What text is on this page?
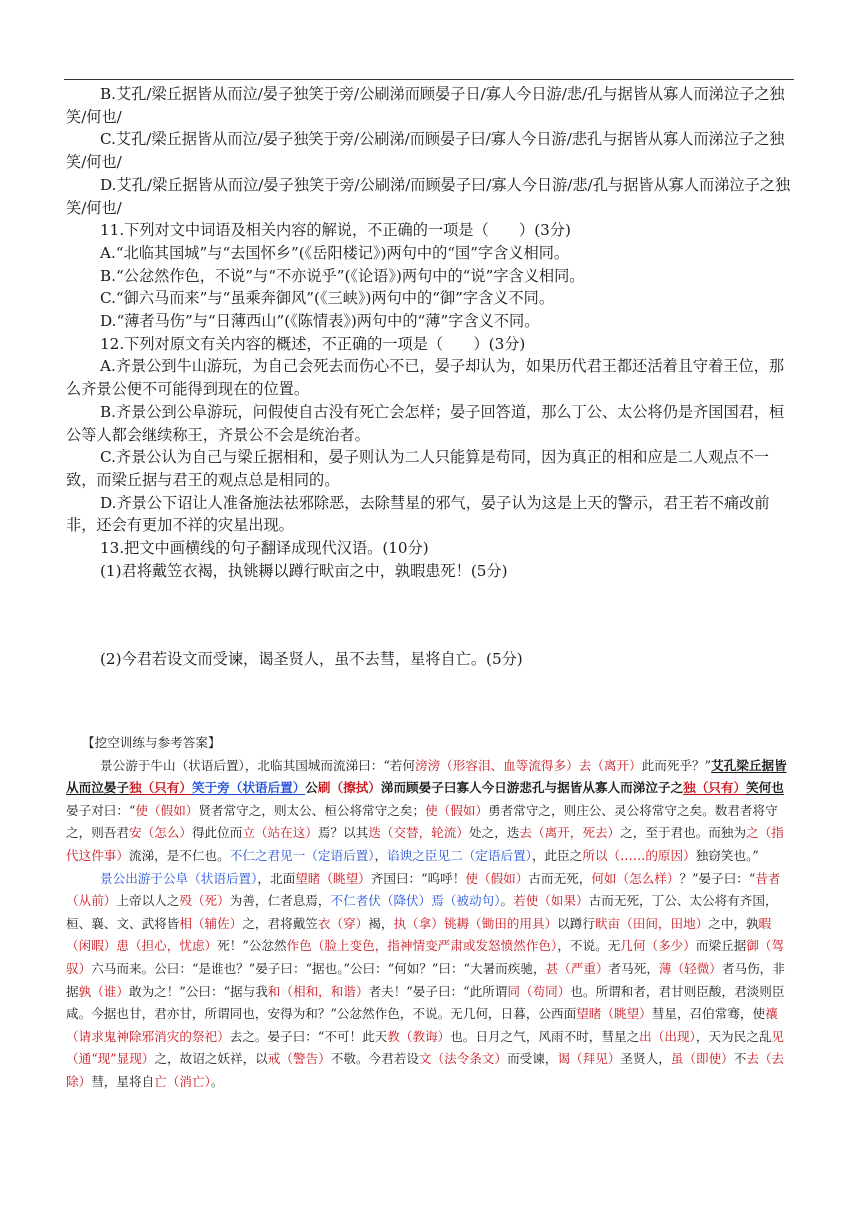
B.艾孔/梁丘据皆从而泣/晏子独笑于旁/公刷涕而顾晏子日/寡人今日游/悲/孔与据皆从寡人而涕泣子之独笑/何也/

C.艾孔/梁丘据皆从而泣/晏子独笑于旁/公刷涕/而顾晏子曰/寡人今日游/悲孔与据皆从寡人而涕泣子之独笑/何也/

D.艾孔/梁丘据皆从而泣/晏子独笑于旁/公刷涕/而顾晏子曰/寡人今日游/悲/孔与据皆从寡人而涕泣子之独笑/何也/

11.下列对文中词语及相关内容的解说，不正确的一项是（　　）(3分)

A.“北临其国城”与“去国怀乡”(《岳阳楼记》)两句中的“国”字含义相同。

B.“公忿然作色，不说”与“不亦说乎”(《论语》)两句中的“说”字含义相同。

C.“御六马而来”与“虽乘奔御风”(《三峡》)两句中的“御”字含义不同。

D.“薄者马伤”与“日薄西山”(《陈情表》)两句中的“薄”字含义不同。

12.下列对原文有关内容的概述，不正确的一项是（　　）(3分)

A.齐景公到牛山游玩，为自己会死去而伤心不已，晏子却认为，如果历代君王都还活着且守着王位，那么齐景公便不可能得到现在的位置。

B.齐景公到公阜游玩，问假使自古没有死亡会怎样；晏子回答道，那么丁公、太公将仍是齐国国君，桓公等人都会继续称王，齐景公不会是统治者。

C.齐景公认为自己与梁丘据相和，晏子则认为二人只能算是苟同，因为真正的相和应是二人观点不一致，而梁丘据与君王的观点总是相同的。

D.齐景公下诏让人准备施法祛邪除恶，去除彗星的邪气，晏子认为这是上天的警示，君王若不痛改前非，还会有更加不祥的灾星出现。

13.把文中画横线的句子翻译成现代汉语。(10分)

(1)君将戴笠衣褐，执铫耨以蹲行畎亩之中，孰暇患死！(5分)

(2)今君若设文而受谏，谒圣贤人，虽不去彗，星将自亡。(5分)

【挖空训练与参考答案】

景公游于牛山（状语后置），北临其国城而流涕曰：“若何滂滂（形容泪、血等流得多）去（离开）此而死乎？”艾孔梁丘据皆从而泣晏子独（只有）笑于旁（状语后置）公刷（擦拭）涕而顾晏子曰寡人今日游悲孔与据皆从寡人而涕泣子之独（只有）笑何也晏子对曰：“使（假如）贤者常守之，则太公、桓公将常守之矣；使（假如）勇者常守之，则庄公、灵公将常守之矣。数君者将守之，则吾君安（怎么）得此位而立（站在这）焉？以其迭（交替，轮流）处之，迭去（离开，死去）之，至于君也。而独为之（指代这件事）流涕，是不仁也。不仁之君见一（定语后置），谄谀之臣见二（定语后置），此臣之所以（……的原因）独窃笑也。”

景公出游于公阜（状语后置），北面望睹（眺望）齐国曰：“呜呼！使（假如）古而无死，何如（怎么样）？”晏子曰：“昔者（从前）上帝以人之殁（死）为善，仁者息焉，不仁者伏（降伏）焉（被动句）。若使（如果）古而无死，丁公、太公将有齐国，桓、襄、文、武将皆相（辅佐）之，君将戴笠衣（穿）褐，执（拿）铫耨（锄田的用具）以蹲行畎亩（田间，田地）之中，孰暇（闲暇）患（担心，忧虑）死！”公忿然作色（脸上变色，指神情变严肃或发怒愤然作色），不说。无几何（多少）而梁丘据御（驾驭）六马而来。公曰：“是谁也？”晏子曰：“据也。”公曰：“何如？”曰：“大暑而疾驰，甚（严重）者马死，薄（轻微）者马伤，非据孰（谁）敢为之！”公曰：“据与我和（相和，和谐）者夫！”晏子曰：“此所谓同（苟同）也。所谓和者，君甘则臣酸，君淡则臣咸。今据也甘，君亦甘，所谓同也，安得为和？”公忿然作色，不说。无几何，日暮，公西面望睹（眺望）彗星，召伯常骞，使禳（请求鬼神除邪消灾的祭祀）去之。晏子曰：“不可！此天教（教诲）也。日月之气，风雨不时，彗星之出（出现），天为民之乱见（通“现”显现）之，故诏之妖祥，以戒（警告）不敬。今君若设文（法令条文）而受谏，谒（拜见）圣贤人，虽（即使）不去（去除）彗，星将自亡（消亡）。
